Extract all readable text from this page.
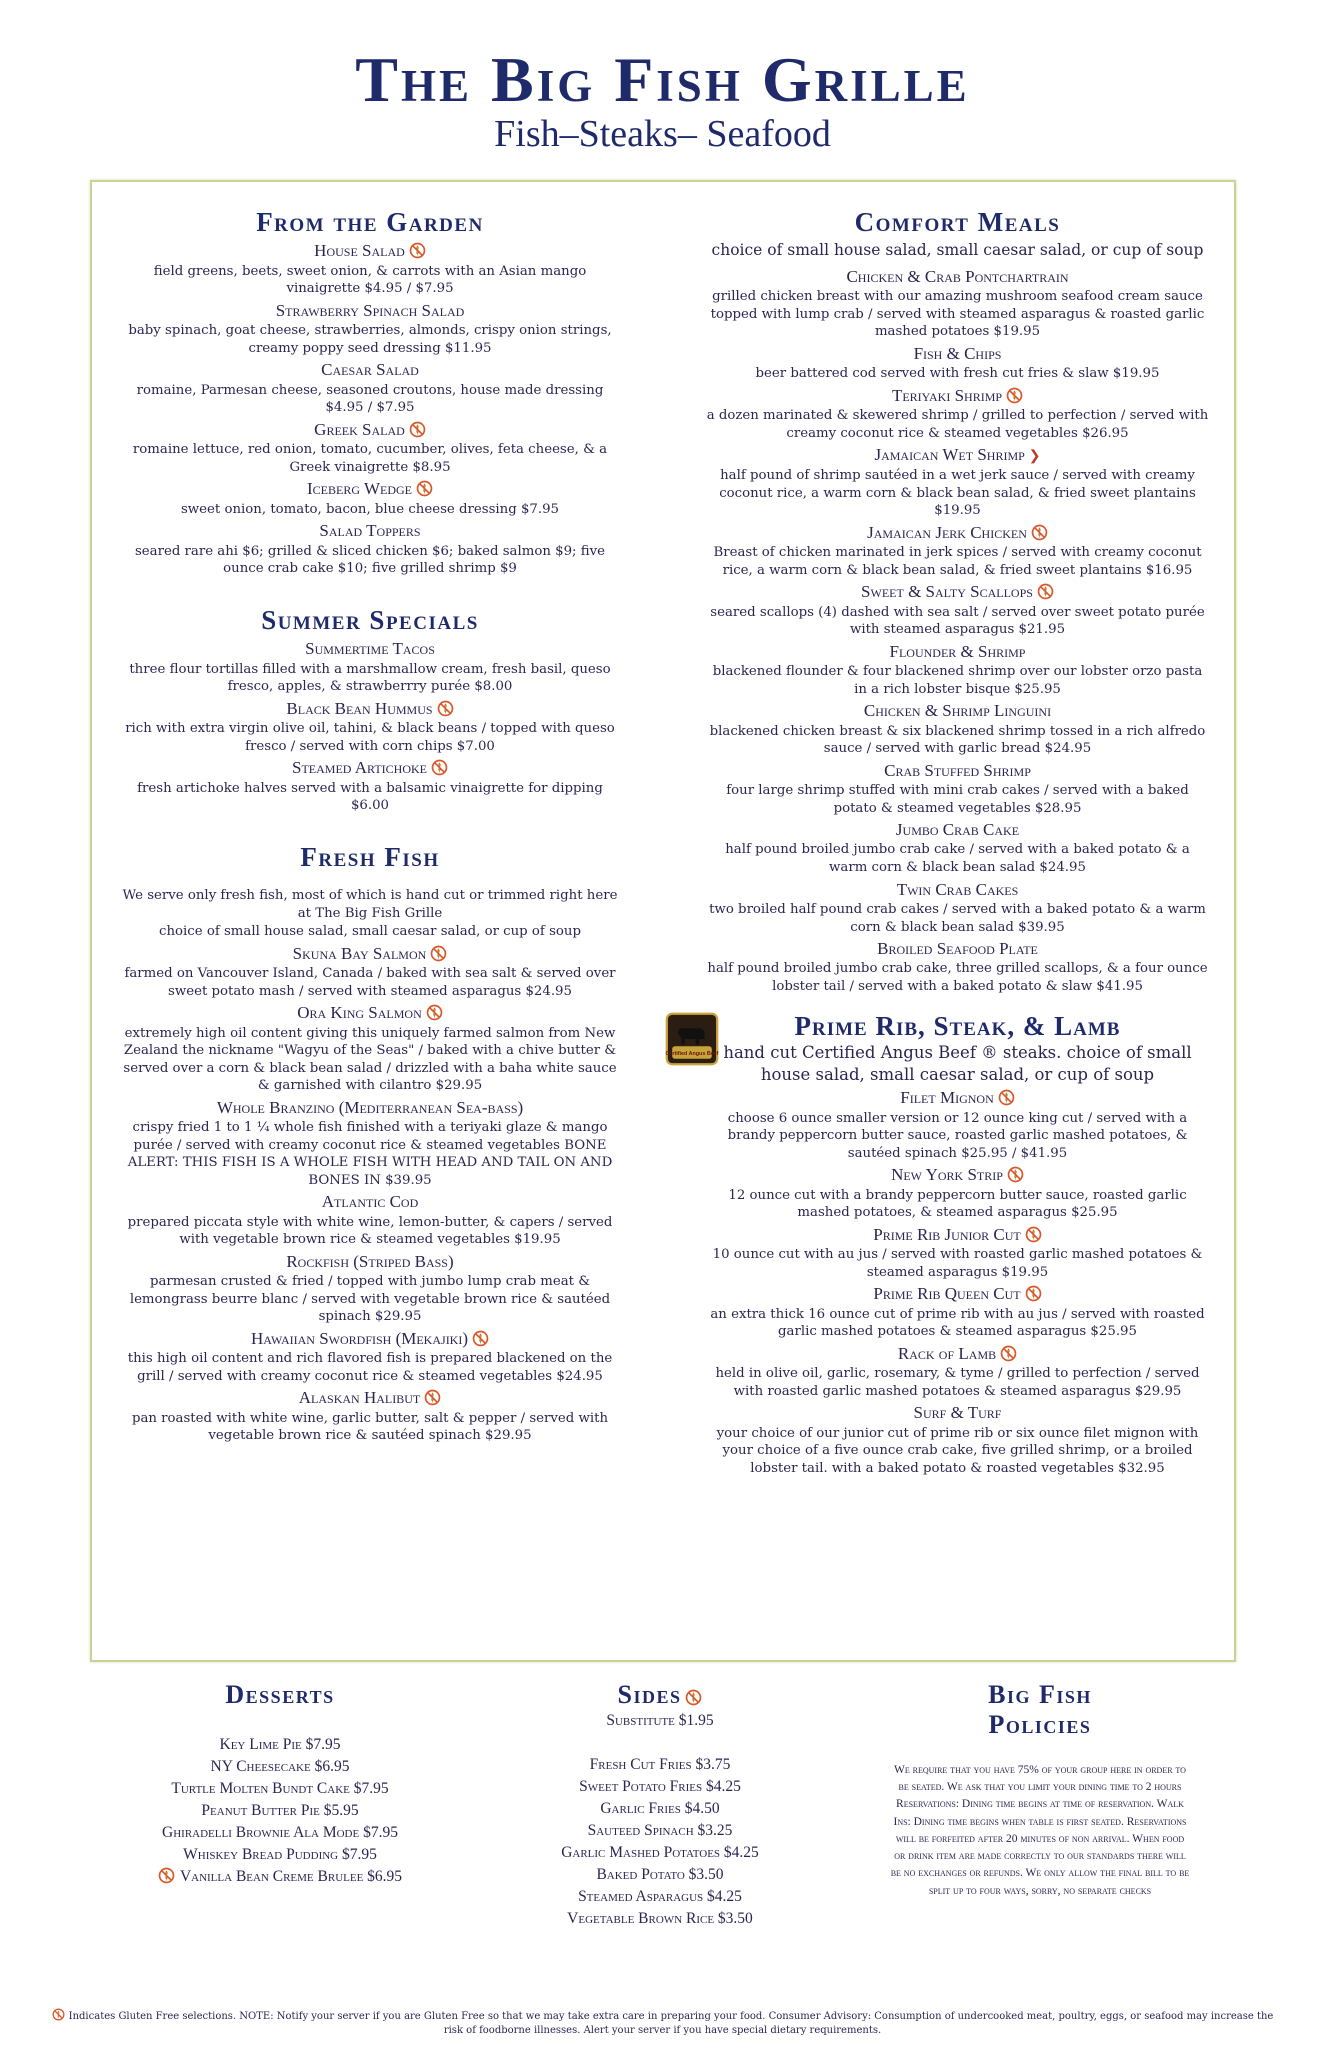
The Big Fish Grille
Fish–Steaks– Seafood
From the Garden
House Salad
field greens, beets, sweet onion, & carrots with an Asian mango vinaigrette $4.95 / $7.95
Strawberry Spinach Salad
baby spinach, goat cheese, strawberries, almonds, crispy onion strings, creamy poppy seed dressing $11.95
Caesar Salad
romaine, Parmesan cheese, seasoned croutons, house made dressing $4.95 / $7.95
Greek Salad
romaine lettuce, red onion, tomato, cucumber, olives, feta cheese, & a Greek vinaigrette $8.95
Iceberg Wedge
sweet onion, tomato, bacon, blue cheese dressing $7.95
Salad Toppers
seared rare ahi $6; grilled & sliced chicken $6; baked salmon $9; five ounce crab cake $10; five grilled shrimp $9
Summer Specials
Summertime Tacos
three flour tortillas filled with a marshmallow cream, fresh basil, queso fresco, apples, & strawberrry purée $8.00
Black Bean Hummus
rich with extra virgin olive oil, tahini, & black beans / topped with queso fresco / served with corn chips $7.00
Steamed Artichoke
fresh artichoke halves served with a balsamic vinaigrette for dipping $6.00
Fresh Fish
We serve only fresh fish, most of which is hand cut or trimmed right here at The Big Fish Grille
choice of small house salad, small caesar salad, or cup of soup
Skuna Bay Salmon
farmed on Vancouver Island, Canada / baked with sea salt & served over sweet potato mash / served with steamed asparagus $24.95
Ora King Salmon
extremely high oil content giving this uniquely farmed salmon from New Zealand the nickname "Wagyu of the Seas" / baked with a chive butter & served over a corn & black bean salad / drizzled with a baha white sauce & garnished with cilantro $29.95
Whole Branzino (Mediterranean Sea-bass)
crispy fried 1 to 1 ¼ whole fish finished with a teriyaki glaze & mango purée / served with creamy coconut rice & steamed vegetables BONE ALERT: THIS FISH IS A WHOLE FISH WITH HEAD AND TAIL ON AND BONES IN $39.95
Atlantic Cod
prepared piccata style with white wine, lemon-butter, & capers / served with vegetable brown rice & steamed vegetables $19.95
Rockfish (Striped Bass)
parmesan crusted & fried / topped with jumbo lump crab meat & lemongrass beurre blanc / served with vegetable brown rice & sautéed spinach $29.95
Hawaiian Swordfish (Mekajiki)
this high oil content and rich flavored fish is prepared blackened on the grill / served with creamy coconut rice & steamed vegetables $24.95
Alaskan Halibut
pan roasted with white wine, garlic butter, salt & pepper / served with vegetable brown rice & sautéed spinach $29.95
Comfort Meals
choice of small house salad, small caesar salad, or cup of soup
Chicken & Crab Pontchartrain
grilled chicken breast with our amazing mushroom seafood cream sauce topped with lump crab / served with steamed asparagus & roasted garlic mashed potatoes $19.95
Fish & Chips
beer battered cod served with fresh cut fries & slaw $19.95
Teriyaki Shrimp
a dozen marinated & skewered shrimp / grilled to perfection / served with creamy coconut rice & steamed vegetables $26.95
Jamaican Wet Shrimp ❯
half pound of shrimp sautéed in a wet jerk sauce / served with creamy coconut rice, a warm corn & black bean salad, & fried sweet plantains $19.95
Jamaican Jerk Chicken
Breast of chicken marinated in jerk spices / served with creamy coconut rice, a warm corn & black bean salad, & fried sweet plantains $16.95
Sweet & Salty Scallops
seared scallops (4) dashed with sea salt / served over sweet potato purée with steamed asparagus $21.95
Flounder & Shrimp
blackened flounder & four blackened shrimp over our lobster orzo pasta in a rich lobster bisque $25.95
Chicken & Shrimp Linguini
blackened chicken breast & six blackened shrimp tossed in a rich alfredo sauce / served with garlic bread $24.95
Crab Stuffed Shrimp
four large shrimp stuffed with mini crab cakes / served with a baked potato & steamed vegetables $28.95
Jumbo Crab Cake
half pound broiled jumbo crab cake / served with a baked potato & a warm corn & black bean salad $24.95
Twin Crab Cakes
two broiled half pound crab cakes / served with a baked potato & a warm corn & black bean salad $39.95
Broiled Seafood Plate
half pound broiled jumbo crab cake, three grilled scallops, & a four ounce lobster tail / served with a baked potato & slaw $41.95
Certified Angus Beef
Prime Rib, Steak, & Lamb
hand cut Certified Angus Beef ® steaks. choice of small house salad, small caesar salad, or cup of soup
Filet Mignon
choose 6 ounce smaller version or 12 ounce king cut / served with a brandy peppercorn butter sauce, roasted garlic mashed potatoes, & sautéed spinach $25.95 / $41.95
New York Strip
12 ounce cut with a brandy peppercorn butter sauce, roasted garlic mashed potatoes, & steamed asparagus $25.95
Prime Rib Junior Cut
10 ounce cut with au jus / served with roasted garlic mashed potatoes & steamed asparagus $19.95
Prime Rib Queen Cut
an extra thick 16 ounce cut of prime rib with au jus / served with roasted garlic mashed potatoes & steamed asparagus $25.95
Rack of Lamb
held in olive oil, garlic, rosemary, & tyme / grilled to perfection / served with roasted garlic mashed potatoes & steamed asparagus $29.95
Surf & Turf
your choice of our junior cut of prime rib or six ounce filet mignon with your choice of a five ounce crab cake, five grilled shrimp, or a broiled lobster tail. with a baked potato & roasted vegetables $32.95
Desserts
Key Lime Pie $7.95
NY Cheesecake $6.95
Turtle Molten Bundt Cake $7.95
Peanut Butter Pie $5.95
Ghiradelli Brownie Ala Mode $7.95
Whiskey Bread Pudding $7.95
Vanilla Bean Creme Brulee $6.95
Sides
Substitute $1.95
Fresh Cut Fries $3.75
Sweet Potato Fries $4.25
Garlic Fries $4.50
Sauteed Spinach $3.25
Garlic Mashed Potatoes $4.25
Baked Potato $3.50
Steamed Asparagus $4.25
Vegetable Brown Rice $3.50
Big Fish
Policies
We require that you have 75% of your group here in order to be seated. We ask that you limit your dining time to 2 hours Reservations: Dining time begins at time of reservation. Walk Ins: Dining time begins when table is first seated. Reservations will be forfeited after 20 minutes of non arrival. When food or drink item are made correctly to our standards there will be no exchanges or refunds. We only allow the final bill to be split up to four ways, sorry, no separate checks
Indicates Gluten Free selections. NOTE: Notify your server if you are Gluten Free so that we may take extra care in preparing your food. Consumer Advisory: Consumption of undercooked meat, poultry, eggs, or seafood may increase the risk of foodborne illnesses. Alert your server if you have special dietary requirements.
